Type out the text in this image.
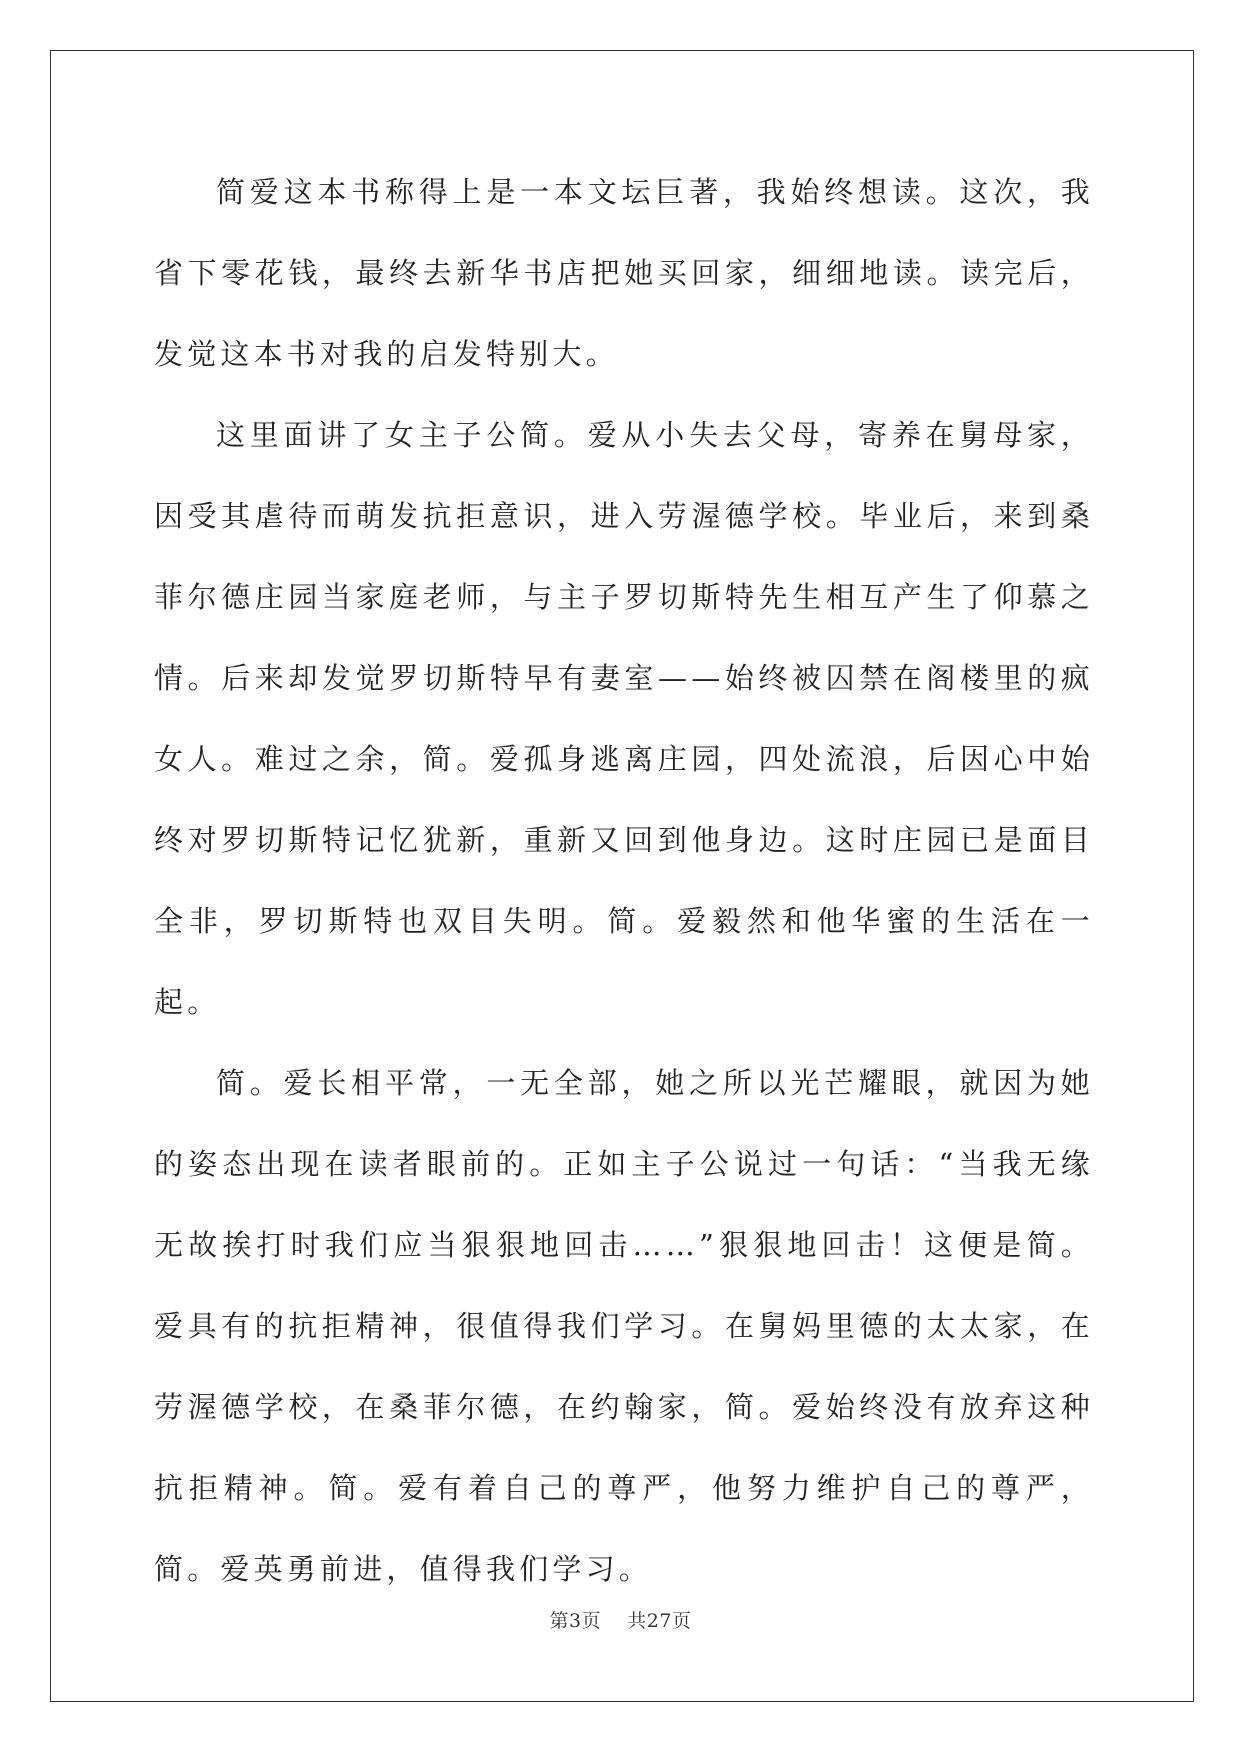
简爱这本书称得上是一本文坛巨著，我始终想读。这次，我省下零花钱，最终去新华书店把她买回家，细细地读。读完后，发觉这本书对我的启发特别大。

这里面讲了女主子公简。爱从小失去父母，寄养在舅母家，因受其虐待而萌发抗拒意识，进入劳渥德学校。毕业后，来到桑菲尔德庄园当家庭老师，与主子罗切斯特先生相互产生了仰慕之情。后来却发觉罗切斯特早有妻室——始终被囚禁在阁楼里的疯女人。难过之余，简。爱孤身逃离庄园，四处流浪，后因心中始终对罗切斯特记忆犹新，重新又回到他身边。这时庄园已是面目全非，罗切斯特也双目失明。简。爱毅然和他华蜜的生活在一起。

简。爱长相平常，一无全部，她之所以光芒耀眼，就因为她的姿态出现在读者眼前的。正如主子公说过一句话：“当我无缘无故挨打时我们应当狠狠地回击……”狠狠地回击！这便是简。爱具有的抗拒精神，很值得我们学习。在舅妈里德的太太家，在劳渥德学校，在桑菲尔德，在约翰家，简。爱始终没有放弃这种抗拒精神。简。爱有着自己的尊严，他努力维护自己的尊严，简。爱英勇前进，值得我们学习。

第3页 共27页
